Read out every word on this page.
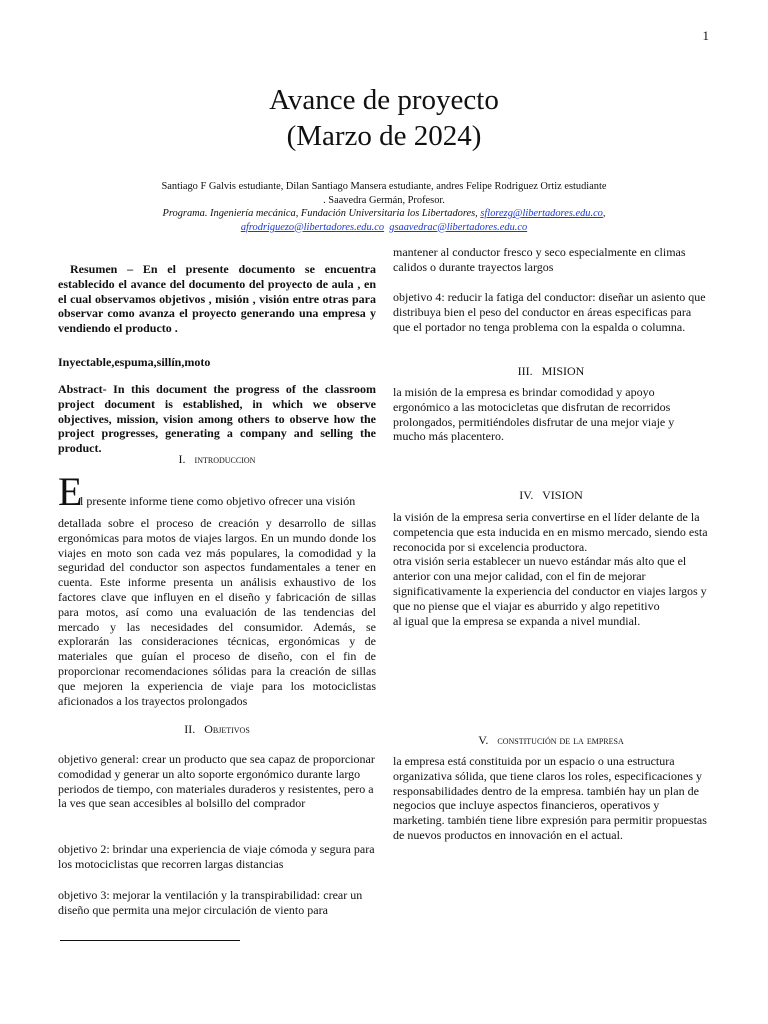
1
Avance de proyecto
(Marzo de 2024)
Santiago F Galvis estudiante, Dilan Santiago Mansera estudiante, andres Felipe Rodriguez Ortiz estudiante
. Saavedra Germán, Profesor.
Programa. Ingeniería mecánica, Fundación Universitaria los Libertadores, sflorezg@libertadores.edu.co,
afrodriguezo@libertadores.edu.co gsaavedrac@libertadores.edu.co
Resumen – En el presente documento se encuentra establecido el avance del documento del proyecto de aula , en el cual observamos objetivos , misión , visión entre otras para observar como avanza el proyecto generando una empresa y vendiendo el producto .
Inyectable,espuma,sillín,moto
Abstract- In this document the progress of the classroom project document is established, in which we observe objectives, mission, vision among others to observe how the project progresses, generating a company and selling the product.
I. introduccion
E
l presente informe tiene como objetivo ofrecer una visión

detallada sobre el proceso de creación y desarrollo de sillas ergonómicas para motos de viajes largos. En un mundo donde los viajes en moto son cada vez más populares, la comodidad y la seguridad del conductor son aspectos fundamentales a tener en cuenta. Este informe presenta un análisis exhaustivo de los factores clave que influyen en el diseño y fabricación de sillas para motos, así como una evaluación de las tendencias del mercado y las necesidades del consumidor. Además, se explorarán las consideraciones técnicas, ergonómicas y de materiales que guían el proceso de diseño, con el fin de proporcionar recomendaciones sólidas para la creación de sillas que mejoren la experiencia de viaje para los motociclistas aficionados a los trayectos prolongados

II. Objetivos
objetivo general: crear un producto que sea capaz de proporcionar comodidad y generar un alto soporte ergonómico durante largo periodos de tiempo, con materiales duraderos y resistentes, pero a la ves que sean accesibles al bolsillo del comprador
objetivo 2: brindar una experiencia de viaje cómoda y segura para los motociclistas que recorren largas distancias
objetivo 3: mejorar la ventilación y la transpirabilidad: crear un diseño que permita una mejor circulación de viento para
mantener al conductor fresco y seco especialmente en climas calidos o durante trayectos largos
objetivo 4: reducir la fatiga del conductor: diseñar un asiento que distribuya bien el peso del conductor en áreas especificas para que el portador no tenga problema con la espalda o columna.
III. MISION
la misión de la empresa es brindar comodidad y apoyo ergonómico a las motocicletas que disfrutan de recorridos prolongados, permitiéndoles disfrutar de una mejor viaje y mucho más placentero.
IV. VISION

la visión de la empresa seria convertirse en el líder delante de la competencia que esta inducida en en mismo mercado, siendo esta reconocida por si excelencia productora.

otra visión seria establecer un nuevo estándar más alto que el anterior con una mejor calidad, con el fin de mejorar significativamente la experiencia del conductor en viajes largos y que no piense que el viajar es aburrido y algo repetitivo

al igual que la empresa se expanda a nivel mundial.

V. constitución de la empresa
la empresa está constituida por un espacio o una estructura organizativa sólida, que tiene claros los roles, especificaciones y responsabilidades dentro de la empresa. también hay un plan de negocios que incluye aspectos financieros, operativos y marketing. también tiene libre expresión para permitir propuestas de nuevos productos en innovación en el actual.
